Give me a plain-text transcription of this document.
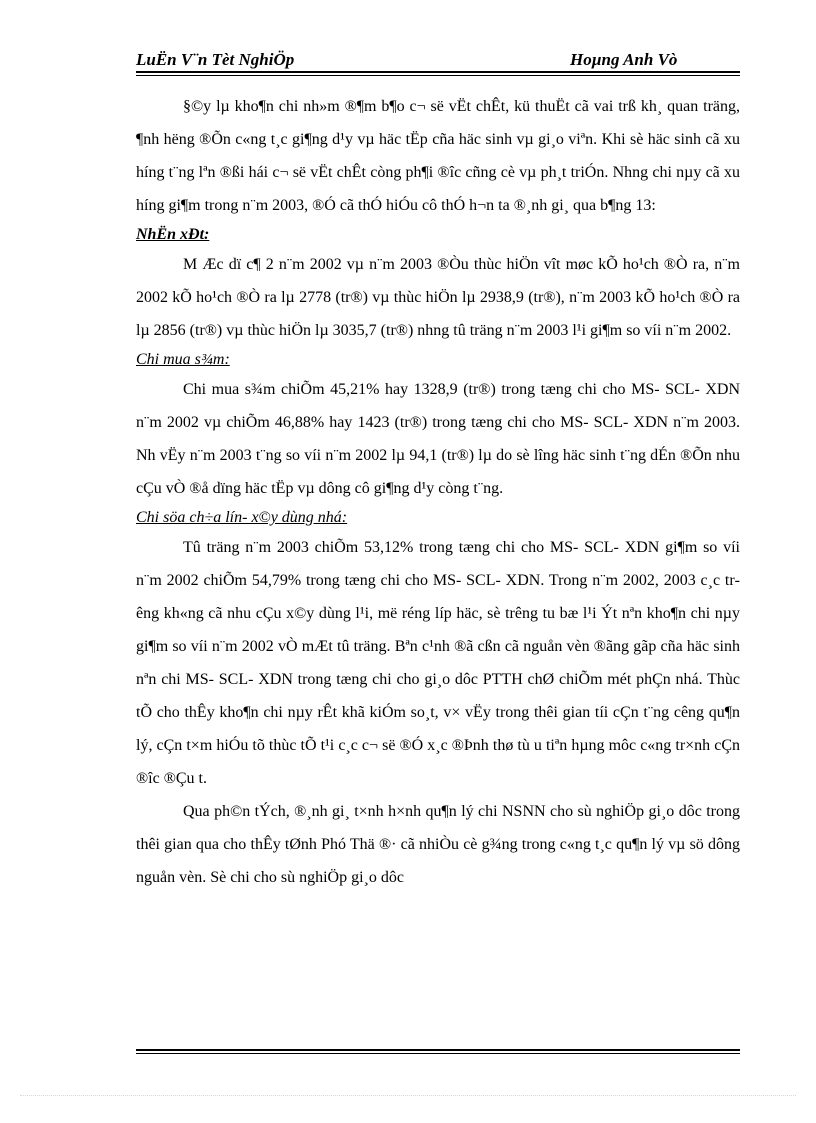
LuËn V¨n Tèt NghiÖp	Hoµng Anh Vò

§©y lµ kho¶n chi nh»m ®¶m b¶o c¬ së vËt chÊt, kü thuËt cã vai trß kh¸ quan träng, ¶nh hëng ®Õn c«ng t¸c gi¶ng d¹y vµ häc tËp cña häc sinh vµ gi¸o viªn. Khi sè häc sinh cã xu híng t¨ng lªn ®ßi hái c¬ së vËt chÊt còng ph¶i ®îc cñng cè vµ ph¸t triÓn. Nhng chi nµy cã xu híng gi¶m trong n¨m 2003, ®Ó cã thÓ hiÓu cô thÓ h¬n ta ®¸nh gi¸ qua b¶ng 13:

NhËn xÐt:

M Æc dï c¶ 2 n¨m 2002 vµ n¨m 2003 ®Òu thùc hiÖn vît møc kÕ ho¹ch ®Ò ra, n¨m 2002 kÕ ho¹ch ®Ò ra lµ 2778 (tr®) vµ thùc hiÖn lµ 2938,9 (tr®), n¨m 2003 kÕ ho¹ch ®Ò ra lµ 2856 (tr®) vµ thùc hiÖn lµ 3035,7 (tr®) nhng tû träng n¨m 2003 l¹i gi¶m so víi n¨m 2002.

Chi mua s¾m:

Chi mua s¾m chiÕm 45,21% hay 1328,9 (tr®) trong tæng chi cho MS- SCL- XDN n¨m 2002 vµ chiÕm 46,88% hay 1423 (tr®) trong tæng chi cho MS- SCL- XDN n¨m 2003. Nh vËy n¨m 2003 t¨ng so víi n¨m 2002 lµ 94,1 (tr®) lµ do sè lîng häc sinh t¨ng dÉn ®Õn nhu cÇu vÒ ®å dïng häc tËp vµ dông cô gi¶ng d¹y còng t¨ng.

Chi söa ch÷a lín- x©y dùng nhá:

Tû träng n¨m 2003 chiÕm 53,12% trong tæng chi cho MS- SCL- XDN gi¶m so víi n¨m 2002 chiÕm 54,79% trong tæng chi cho MS- SCL- XDN. Trong n¨m 2002, 2003 c¸c trêng kh«ng cã nhu cÇu x©y dùng l¹i, më réng líp häc, sè trêng tu bæ l¹i Ýt nªn kho¶n chi nµy gi¶m so víi n¨m 2002 vÒ mÆt tû träng. Bªn c¹nh ®ã cßn cã nguån vèn ®ãng gãp cña häc sinh nªn chi MS- SCL- XDN trong tæng chi cho gi¸o dôc PTTH chØ chiÕm mét phÇn nhá. Thùc tÕ cho thÊy kho¶n chi nµy rÊt khã kiÓm so¸t, v× vËy trong thêi gian tíi cÇn t¨ng cêng qu¶n lý, cÇn t×m hiÓu tõ thùc tÕ t¹i c¸c c¬ së ®Ó x¸c ®Þnh thø tù u tiªn hµng môc c«ng tr×nh cÇn ®îc ®Çu t.

Qua ph©n tÝch, ®¸nh gi¸ t×nh h×nh qu¶n lý chi NSNN cho sù nghiÖp gi¸o dôc trong thêi gian qua cho thÊy tØnh Phó Thä ®· cã nhiÒu cè g¾ng trong c«ng t¸c qu¶n lý vµ sö dông nguån vèn. Sè chi cho sù nghiÖp gi¸o dôc
